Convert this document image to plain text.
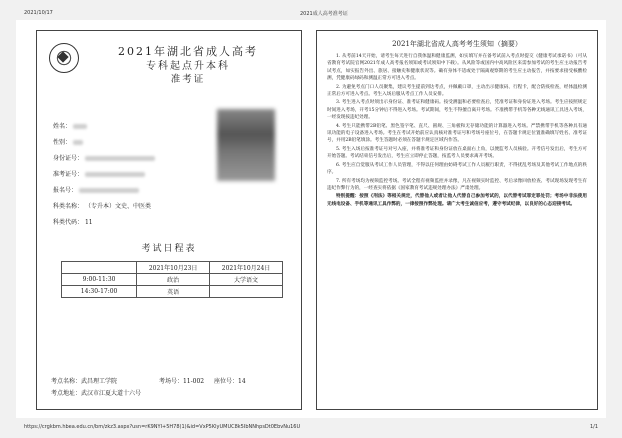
2021/10/17	2021成人高考准考证
2021年湖北省成人高考
专科起点升本科
准考证
姓名：
性别：
身份证号：
准考证号：
报名号：
科类名称： （专升本）文史、中医类
科类代码： 11
考试日程表
	2021年10月23日	2021年10月24日
9:00-11:30	政治	大学语文
14:30-17:00	英语	
考点名称：武昌理工学院	考场号：11-002 座位号：14
考点地址：武汉市江夏大道十六号
2021年湖北省成人高考考生须知（摘要）

1. 从考前14天开始，请考生每天进行自我体温和健康监测，如实填写并在备考试前入考点时提交《健康考试承诺书》（可从省教育考试院官网2021年成人高考报名须知或考试须知中下载）。从风险等或国内中高风险区来需参加考试的考生应主动报告考试考点，如实报告外出、旅居、接触史和健康状况等。确有身体不适或处于隔离观察期的考生应主动报告，并按要求接受核酸检测，凭健康码绿码和测温正常方可进入考点。

2. 为避免考点门口人员聚集，建议考生提前到达考点，并佩戴口罩，主动出示健康码、行程卡，配合防疫检查，经体温检测正常后方可进入考点。考生入场后服从考点工作人员安排。

3. 考生进入考点时须出示身份证、准考证和健康码。按受测温和必要检查后，凭准考证和身份证进入考场。考生应按照规定时间进入考场，开考15分钟后不得进入考场。考试期间，考生不得擅自离开考场。不准携带手机等各种无线通讯工具进入考场，一经发现按违纪处理。

4. 考生只能携带2B铅笔、黑色签字笔、直尺、圆规、三角板和无存储功能的计算器进入考场。严禁携带手机等各种具有通讯功能的电子设备进入考场。考生在考试开始前应认真核对准考证号和考场号座位号，在答题卡规定位置准确填写姓名、准考证号，并用2B铅笔填涂。考生答题时必须在答题卡规定区域内作答。

5. 考生入场后按准考证号对号入座，并将准考证和身份证放在桌面右上角，以便监考人员核验。开考信号发出后，考生方可开始答题。考试结束信号发出后，考生应立即停止答题，按监考人员要求离开考场。

6. 考生应自觉服从考试工作人员管理，不得以任何理由妨碍考试工作人员履行职责，不得扰乱考场及其他考试工作地点的秩序。

7. 所有考场均为视频监控考场。考试全程有视频监控并录像，凡在视频实时监控、考后录像回放检查、考试现场发现考生有违纪作弊行为的，一经查实将依据《国家教育考试违规处理办法》严肃处理。

特别提醒：按照《刑法》等相关规定，代替他人或者让他人代替自己参加考试的，以代替考试罪定罪处罚；考场中非法使用无线电设备、手机等通讯工具作弊的，一律按照作弊处理。请广大考生诚信应考，遵守考试纪律，以良好的心态迎接考试。

https://crgkbm.hbea.edu.cn/bm/zkz3.aspx?usn=rK9NYI+5H78(1)&id=VxP5KlyUMUC8k5IbNNhpsDt0EbvNu16U	1/1
